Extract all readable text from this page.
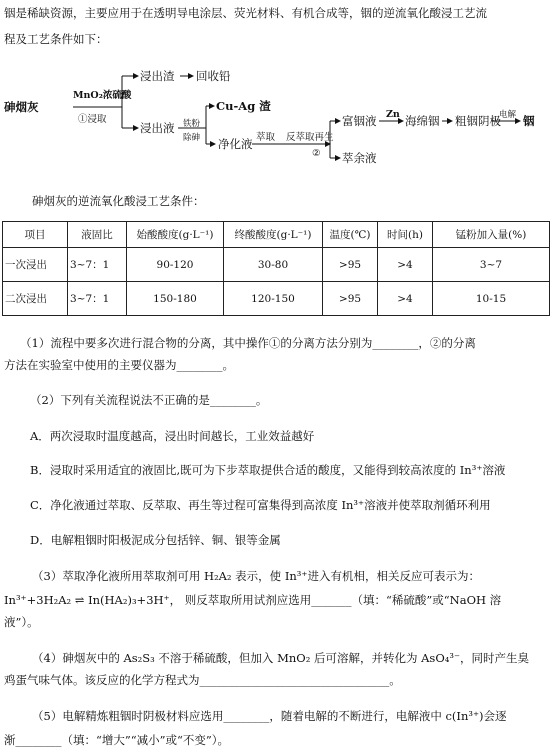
铟是稀缺资源，主要应用于在透明导电涂层、荧光材料、有机合成等，铟的逆流氧化酸浸工艺流
程及工艺条件如下：
砷烟灰
MnO₂浓硫酸
①浸取
浸出渣 回收铅
浸出液 铁粉
除砷
Cu-Ag 渣
净化液 萃取 反萃取再生
②
富铟液 Zn 海绵铟 粗铟阴极
电解 铟
萃余液
砷烟灰的逆流氧化酸浸工艺条件：
项目	液固比	始酸酸度(g·L⁻¹)	终酸酸度(g·L⁻¹)	温度(℃)	时间(h)	锰粉加入量(%)
一次浸出	3~7：1	90-120	30-80	>95	>4	3~7
二次浸出	3~7：1	150-180	120-150	>95	>4	10-15
（1）流程中要多次进行混合物的分离，其中操作①的分离方法分别为________，②的分离
方法在实验室中使用的主要仪器为________。
（2）下列有关流程说法不正确的是________。
A．两次浸取时温度越高，浸出时间越长，工业效益越好
B．浸取时采用适宜的液固比,既可为下步萃取提供合适的酸度，又能得到较高浓度的 In³⁺溶液
C．净化液通过萃取、反萃取、再生等过程可富集得到高浓度 In³⁺溶液并使萃取剂循环利用
D．电解粗铟时阳极泥成分包括锌、铜、银等金属
（3）萃取净化液所用萃取剂可用 H₂A₂ 表示，使 In³⁺进入有机相，相关反应可表示为：
In³⁺+3H₂A₂ ⇌ In(HA₂)₃+3H⁺， 则反萃取所用试剂应选用_______（填：“稀硫酸”或“NaOH 溶
液”）。
（4）砷烟灰中的 As₂S₃ 不溶于稀硫酸，但加入 MnO₂ 后可溶解，并转化为 AsO₄³⁻，同时产生臭
鸡蛋气味气体。该反应的化学方程式为_________________________________。
（5）电解精炼粗铟时阴极材料应选用________，随着电解的不断进行，电解液中 c(In³⁺)会逐
渐________（填：“增大”“减小”或“不变”）。
